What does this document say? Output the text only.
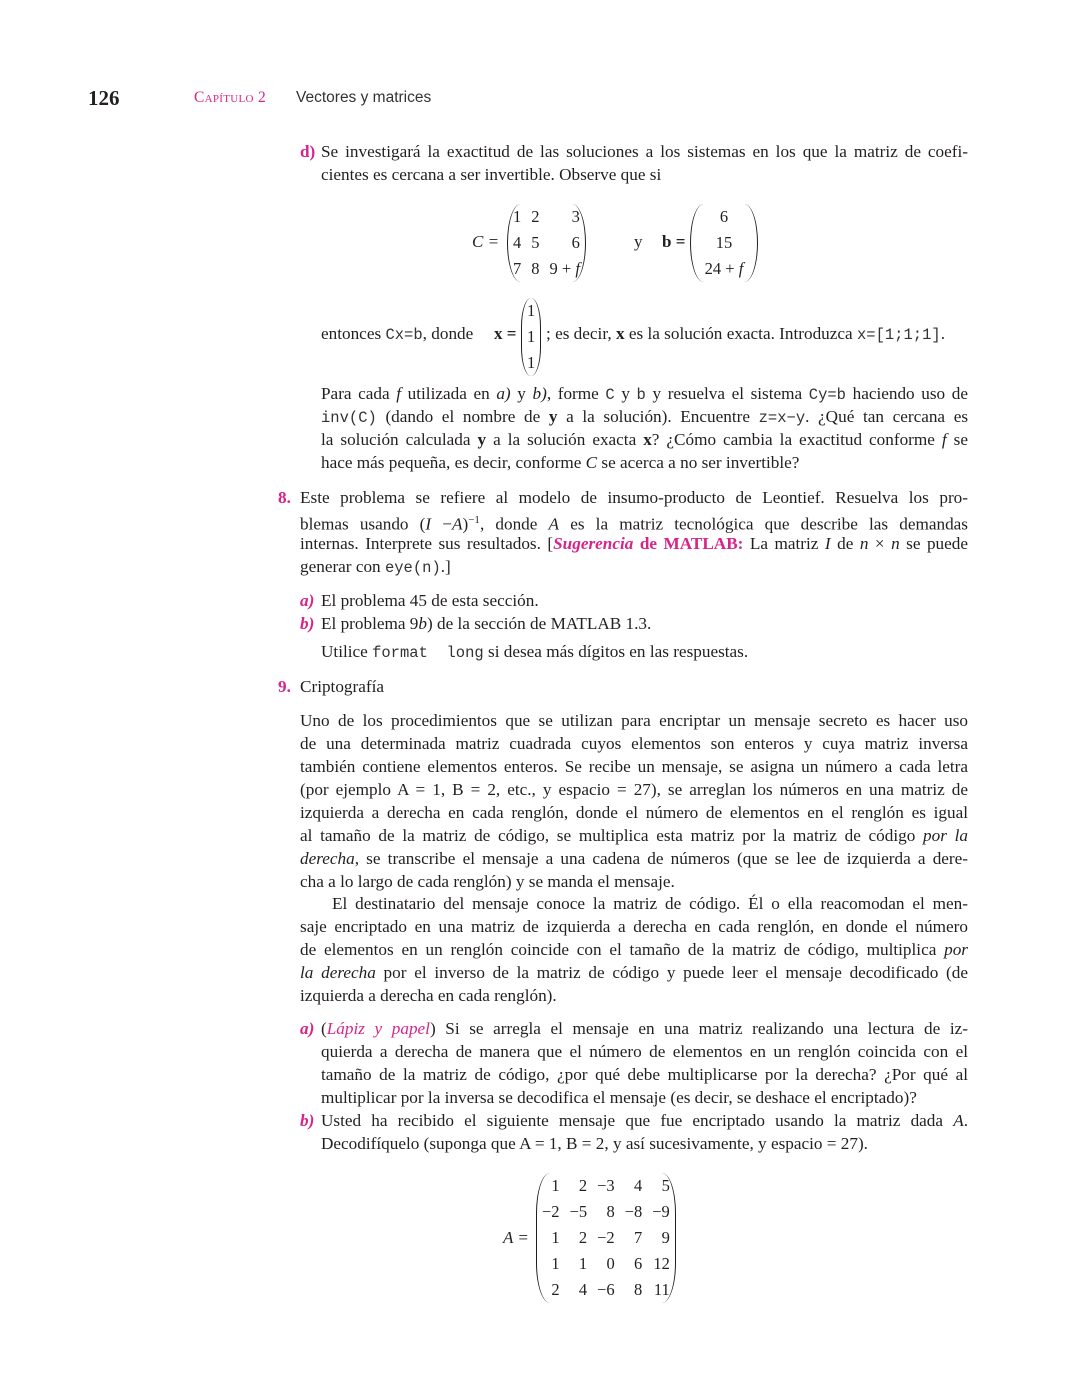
126	Capítulo 2 Vectores y matrices
d) Se investigará la exactitud de las soluciones a los sistemas en los que la matriz de coefi-
cientes es cercana a ser invertible. Observe que si
C =
1	2	3
4	5	6
7	8	9 + f
y b =
6
15
24 + f
entonces Cx=b, donde x =
1
1
1
; es decir, x es la solución exacta. Introduzca x=[1;1;1].
Para cada f utilizada en a) y b), forme C y b y resuelva el sistema Cy=b haciendo uso de
inv(C) (dando el nombre de y a la solución). Encuentre z=x−y. ¿Qué tan cercana es
la solución calculada y a la solución exacta x? ¿Cómo cambia la exactitud conforme f se
hace más pequeña, es decir, conforme C se acerca a no ser invertible?
8. Este problema se refiere al modelo de insumo-producto de Leontief. Resuelva los pro-
blemas usando $(I -A)^{-1}$, donde A es la matriz tecnológica que describe las demandas
internas. Interprete sus resultados. [Sugerencia de MATLAB: La matriz I de n × n se puede
generar con eye(n).]
a) El problema 45 de esta sección.
b) El problema 9b) de la sección de MATLAB 1.3.
Utilice format  long si desea más dígitos en las respuestas.
9. Criptografía
Uno de los procedimientos que se utilizan para encriptar un mensaje secreto es hacer uso
de una determinada matriz cuadrada cuyos elementos son enteros y cuya matriz inversa
también contiene elementos enteros. Se recibe un mensaje, se asigna un número a cada letra
(por ejemplo A = 1, B = 2, etc., y espacio = 27), se arreglan los números en una matriz de
izquierda a derecha en cada renglón, donde el número de elementos en el renglón es igual
al tamaño de la matriz de código, se multiplica esta matriz por la matriz de código por la
derecha, se transcribe el mensaje a una cadena de números (que se lee de izquierda a dere-
cha a lo largo de cada renglón) y se manda el mensaje.
El destinatario del mensaje conoce la matriz de código. Él o ella reacomodan el men-
saje encriptado en una matriz de izquierda a derecha en cada renglón, en donde el número
de elementos en un renglón coincide con el tamaño de la matriz de código, multiplica por
la derecha por el inverso de la matriz de código y puede leer el mensaje decodificado (de
izquierda a derecha en cada renglón).
a) (Lápiz y papel) Si se arregla el mensaje en una matriz realizando una lectura de iz-
quierda a derecha de manera que el número de elementos en un renglón coincida con el
tamaño de la matriz de código, ¿por qué debe multiplicarse por la derecha? ¿Por qué al
multiplicar por la inversa se decodifica el mensaje (es decir, se deshace el encriptado)?
b) Usted ha recibido el siguiente mensaje que fue encriptado usando la matriz dada A.
Decodifíquelo (suponga que A = 1, B = 2, y así sucesivamente, y espacio = 27).
A =
1	2	−3	4	5
−2	−5	8	−8	−9
1	2	−2	7	9
1	1	0	6	12
2	4	−6	8	11
